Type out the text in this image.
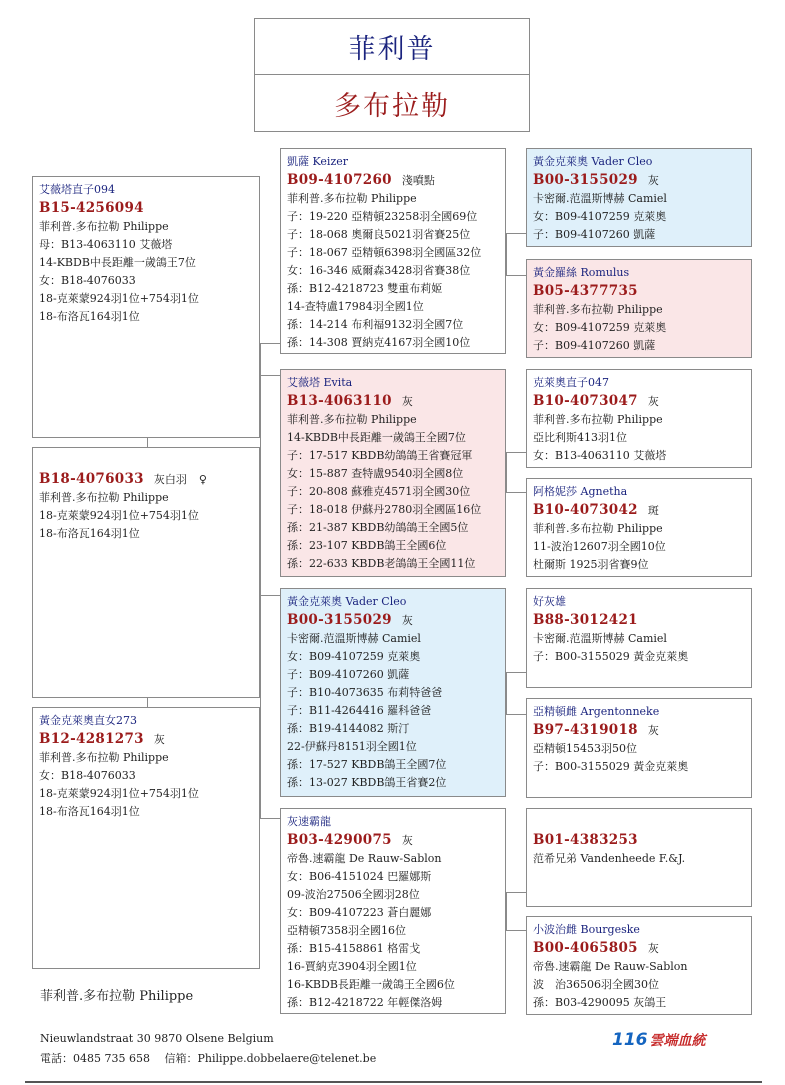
菲利普
多布拉勒
艾薇塔直子094
B15-4256094
菲利普.多布拉勒 Philippe
母：B13-4063110 艾薇塔
14-KBDB中長距離一歲鴿王7位
女：B18-4076033
18-克萊蒙924羽1位+754羽1位
18-布洛瓦164羽1位
B18-4076033 灰白羽 ♀
菲利普.多布拉勒 Philippe
18-克萊蒙924羽1位+754羽1位
18-布洛瓦164羽1位
黃金克萊奧直女273
B12-4281273 灰
菲利普.多布拉勒 Philippe
女：B18-4076033
18-克萊蒙924羽1位+754羽1位
18-布洛瓦164羽1位
凱薩 Keizer
B09-4107260 淺噴點
菲利普.多布拉勒 Philippe
子：19-220 亞精頓23258羽全國69位
子：18-068 奧爾良5021羽省賽25位
子：18-067 亞精頓6398羽全國區32位
女：16-346 威爾森3428羽省賽38位
孫：B12-4218723 雙重布莉姬
14-查特盧17984羽全國1位
孫：14-214 布利福9132羽全國7位
孫：14-308 賈納克4167羽全國10位
艾薇塔 Evita
B13-4063110 灰
菲利普.多布拉勒 Philippe
14-KBDB中長距離一歲鴿王全國7位
子：17-517 KBDB幼鴿鴿王省賽冠軍
女：15-887 查特盧9540羽全國8位
子：20-808 蘇雅克4571羽全國30位
子：18-018 伊蘇丹2780羽全國區16位
孫：21-387 KBDB幼鴿鴿王全國5位
孫：23-107 KBDB鴿王全國6位
孫：22-633 KBDB老鴿鴿王全國11位
黃金克萊奧 Vader Cleo
B00-3155029 灰
卡密爾.范溫斯博赫 Camiel
女：B09-4107259 克萊奧
子：B09-4107260 凱薩
子：B10-4073635 布莉特爸爸
子：B11-4264416 羅科爸爸
孫：B19-4144082 斯汀
22-伊蘇丹8151羽全國1位
孫：17-527 KBDB鴿王全國7位
孫：13-027 KBDB鴿王省賽2位
灰速霸龍
B03-4290075 灰
帝魯.速霸龍 De Rauw-Sablon
女：B06-4151024 巴羅娜斯
09-波治27506全國羽28位
女：B09-4107223 蒼白麗娜
亞精頓7358羽全國16位
孫：B15-4158861 格雷戈
16-賈納克3904羽全國1位
16-KBDB長距離一歲鴿王全國6位
孫：B12-4218722 年輕傑洛姆
黃金克萊奧 Vader Cleo
B00-3155029 灰
卡密爾.范溫斯博赫 Camiel
女：B09-4107259 克萊奧
子：B09-4107260 凱薩
黃金羅絲 Romulus
B05-4377735
菲利普.多布拉勒 Philippe
女：B09-4107259 克萊奧
子：B09-4107260 凱薩
克萊奧直子047
B10-4073047 灰
菲利普.多布拉勒 Philippe
亞比利斯413羽1位
女：B13-4063110 艾薇塔
阿格妮莎 Agnetha
B10-4073042 斑
菲利普.多布拉勒 Philippe
11-波治12607羽全國10位
杜爾斯 1925羽省賽9位
好灰雄
B88-3012421
卡密爾.范溫斯博赫 Camiel
子：B00-3155029 黃金克萊奧
亞精頓雌 Argentonneke
B97-4319018 灰
亞精頓15453羽50位
子：B00-3155029 黃金克萊奧
B01-4383253
范希兄弟 Vandenheede F.&J.
小波治雌 Bourgeske
B00-4065805 灰
帝魯.速霸龍 De Rauw-Sablon
波　治36506羽全國30位
孫：B03-4290095 灰鴿王
菲利普.多布拉勒 Philippe
Nieuwlandstraat 30 9870 Olsene Belgium
電話：0485 735 658　 信箱：Philippe.dobbelaere@telenet.be
116 雲端血統
